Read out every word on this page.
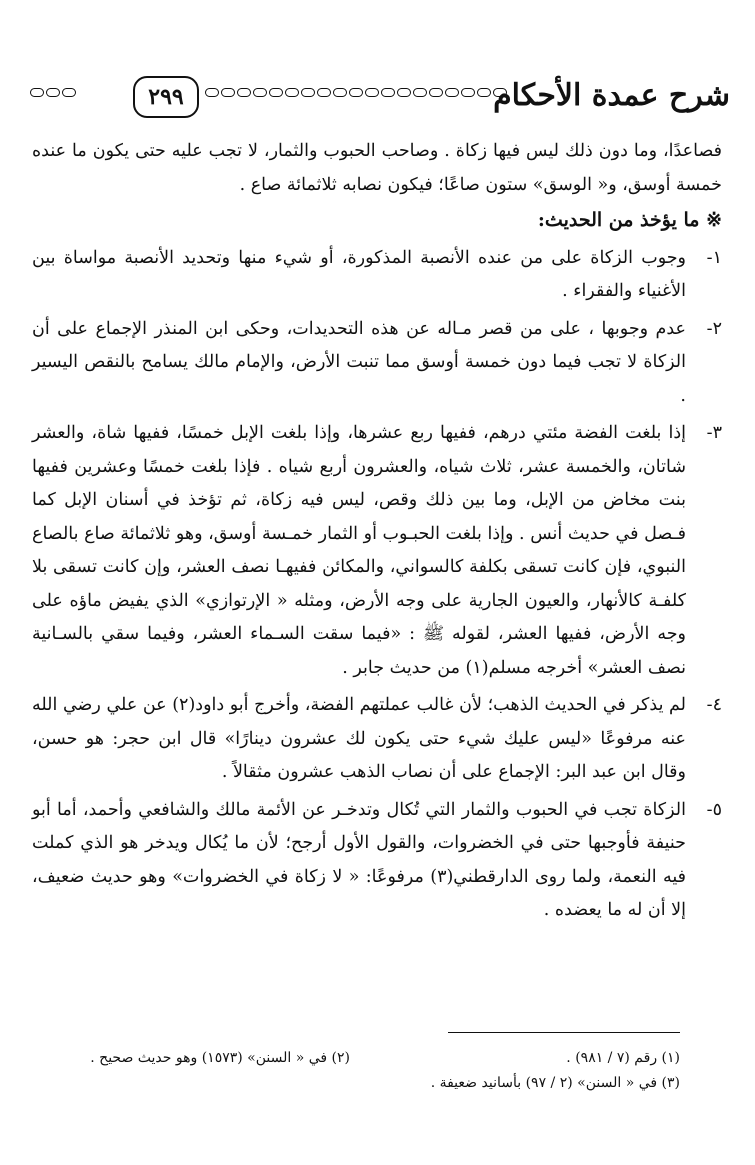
شرح عمدة الأحكام
٢٩٩

فصاعدًا، وما دون ذلك ليس فيها زكاة . وصاحب الحبوب والثمار، لا تجب عليه حتى يكون ما عنده خمسة أوسق، و« الوسق» ستون صاعًا؛ فيكون نصابه ثلاثمائة صاع .

※ ما يؤخذ من الحديث:

١-
وجوب الزكاة على من عنده الأنصبة المذكورة، أو شيء منها وتحديد الأنصبة مواساة بين الأغنياء والفقراء .
٢-
عدم وجوبها ، على من قصر مـاله عن هذه التحديدات، وحكى ابن المنذر الإجماع على أن الزكاة لا تجب فيما دون خمسة أوسق مما تنبت الأرض، والإمام مالك يسامح بالنقص اليسير .
٣-
إذا بلغت الفضة مئتي درهم، ففيها ربع عشرها، وإذا بلغت الإبل خمسًا، ففيها شاة، والعشر شاتان، والخمسة عشر، ثلاث شياه، والعشرون أربع شياه . فإذا بلغت خمسًا وعشرين ففيها بنت مخاض من الإبل، وما بين ذلك وقص، ليس فيه زكاة، ثم تؤخذ في أسنان الإبل كما فـصل في حديث أنس . وإذا بلغت الحبـوب أو الثمار خمـسة أوسق، وهو ثلاثمائة صاع بالصاع النبوي، فإن كانت تسقى بكلفة كالسواني، والمكائن ففيهـا نصف العشر، وإن كانت تسقى بلا كلفـة كالأنهار، والعيون الجارية على وجه الأرض، ومثله « الإرتوازي» الذي يفيض ماؤه على وجه الأرض، ففيها العشر، لقوله ﷺ : «فيما سقت السـماء العشر، وفيما سقي بالسـانية نصف العشر» أخرجه مسلم(١) من حديث جابر .
٤-
لم يذكر في الحديث الذهب؛ لأن غالب عملتهم الفضة، وأخرج أبو داود(٢) عن علي رضي الله عنه مرفوعًا «ليس عليك شيء حتى يكون لك عشرون دينارًا» قال ابن حجر: هو حسن، وقال ابن عبد البر: الإجماع على أن نصاب الذهب عشرون مثقالاً .
٥-
الزكاة تجب في الحبوب والثمار التي تُكال وتدخـر عن الأئمة مالك والشافعي وأحمد، أما أبو حنيفة فأوجبها حتى في الخضروات، والقول الأول أرجح؛ لأن ما يُكال ويدخر هو الذي كملت فيه النعمة، ولما روى الدارقطني(٣) مرفوعًا: « لا زكاة في الخضروات» وهو حديث ضعيف، إلا أن له ما يعضده .
(١) رقم (٧ / ٩٨١) .
(٢) في « السنن» (١٥٧٣) وهو حديث صحيح .
(٣) في « السنن» (٢ / ٩٧) بأسانيد ضعيفة .
